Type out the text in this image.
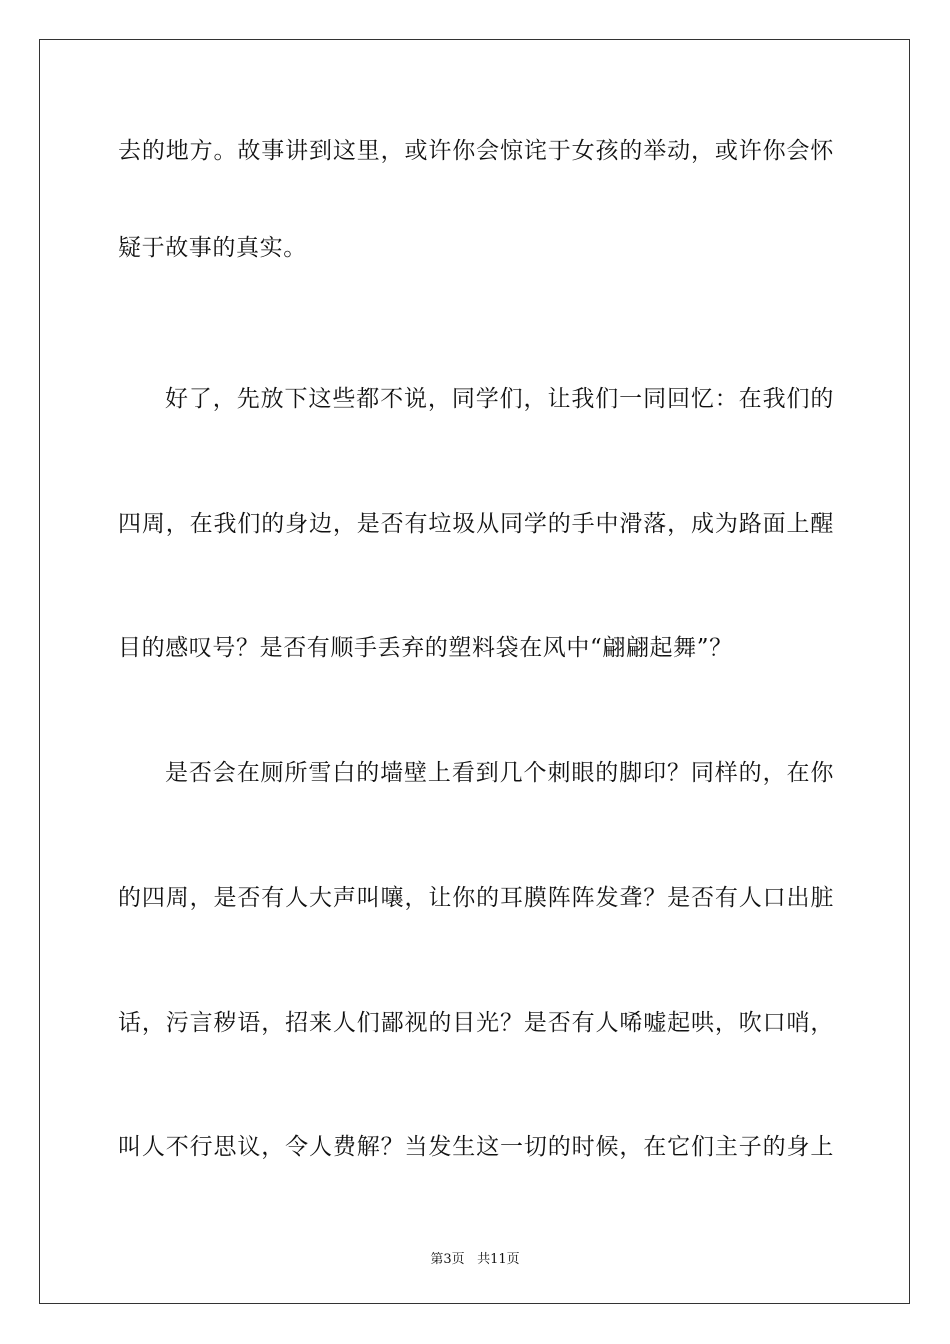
去的地方。故事讲到这里，或许你会惊诧于女孩的举动，或许你会怀
疑于故事的真实。
好了，先放下这些都不说，同学们，让我们一同回忆：在我们的
四周，在我们的身边，是否有垃圾从同学的手中滑落，成为路面上醒
目的感叹号？是否有顺手丢弃的塑料袋在风中“翩翩起舞”？
是否会在厕所雪白的墙壁上看到几个刺眼的脚印？同样的，在你
的四周，是否有人大声叫嚷，让你的耳膜阵阵发聋？是否有人口出脏
话，污言秽语，招来人们鄙视的目光？是否有人唏嘘起哄，吹口哨，
叫人不行思议，令人费解？当发生这一切的时候，在它们主子的身上
第3页 共11页
